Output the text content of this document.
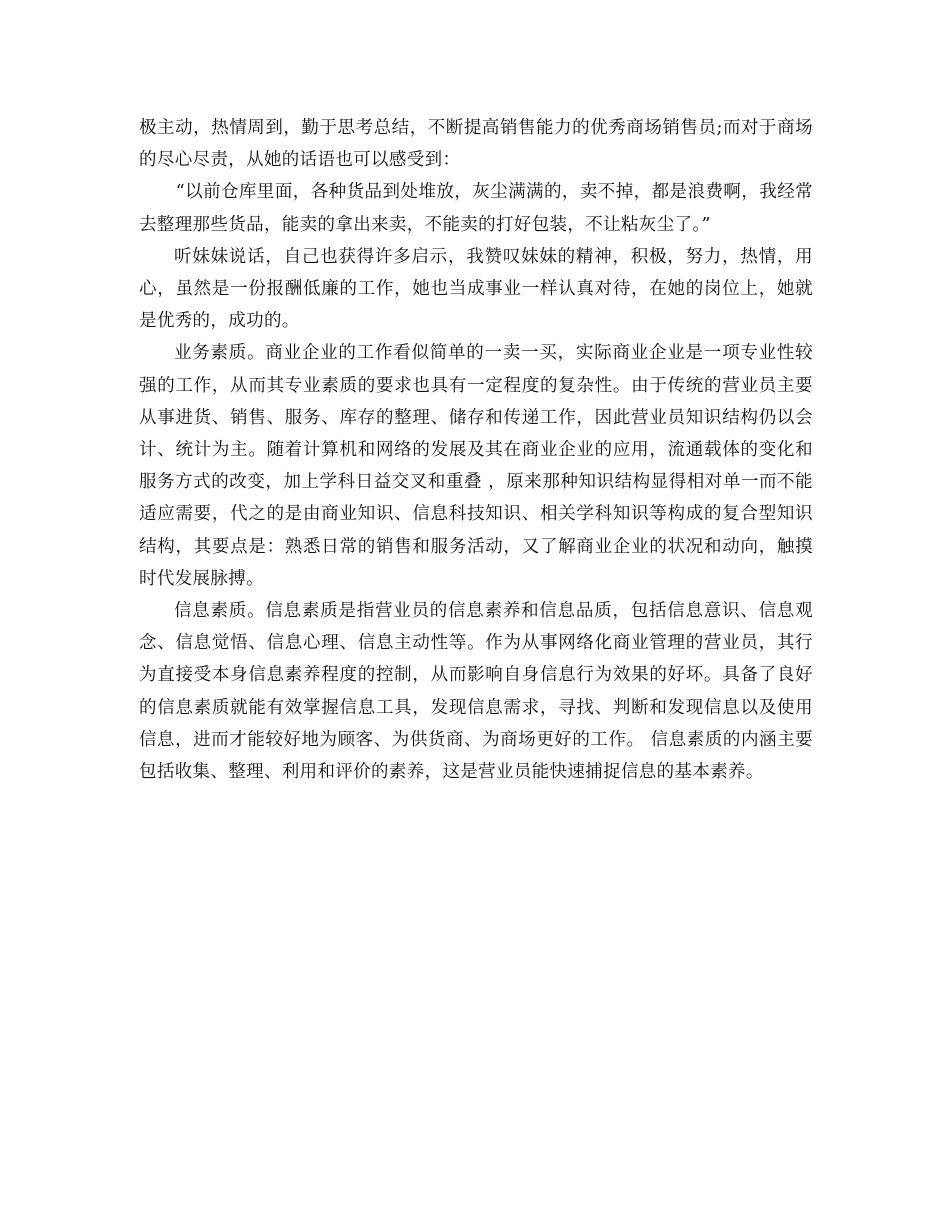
极主动，热情周到，勤于思考总结，不断提高销售能力的优秀商场销售员;而对于商场的尽心尽责，从她的话语也可以感受到：

“以前仓库里面，各种货品到处堆放，灰尘满满的，卖不掉，都是浪费啊，我经常去整理那些货品，能卖的拿出来卖，不能卖的打好包装，不让粘灰尘了。”

听妹妹说话，自己也获得许多启示，我赞叹妹妹的精神，积极，努力，热情，用心，虽然是一份报酬低廉的工作，她也当成事业一样认真对待，在她的岗位上，她就是优秀的，成功的。

业务素质。商业企业的工作看似简单的一卖一买，实际商业企业是一项专业性较强的工作，从而其专业素质的要求也具有一定程度的复杂性。由于传统的营业员主要从事进货、销售、服务、库存的整理、储存和传递工作，因此营业员知识结构仍以会计、统计为主。随着计算机和网络的发展及其在商业企业的应用，流通载体的变化和服务方式的改变，加上学科日益交叉和重叠 ，原来那种知识结构显得相对单一而不能适应需要，代之的是由商业知识、信息科技知识、相关学科知识等构成的复合型知识结构，其要点是：熟悉日常的销售和服务活动，又了解商业企业的状况和动向，触摸时代发展脉搏。

信息素质。信息素质是指营业员的信息素养和信息品质，包括信息意识、信息观念、信息觉悟、信息心理、信息主动性等。作为从事网络化商业管理的营业员，其行为直接受本身信息素养程度的控制，从而影响自身信息行为效果的好坏。具备了良好的信息素质就能有效掌握信息工具，发现信息需求，寻找、判断和发现信息以及使用信息，进而才能较好地为顾客、为供货商、为商场更好的工作。 信息素质的内涵主要包括收集、整理、利用和评价的素养，这是营业员能快速捕捉信息的基本素养。
